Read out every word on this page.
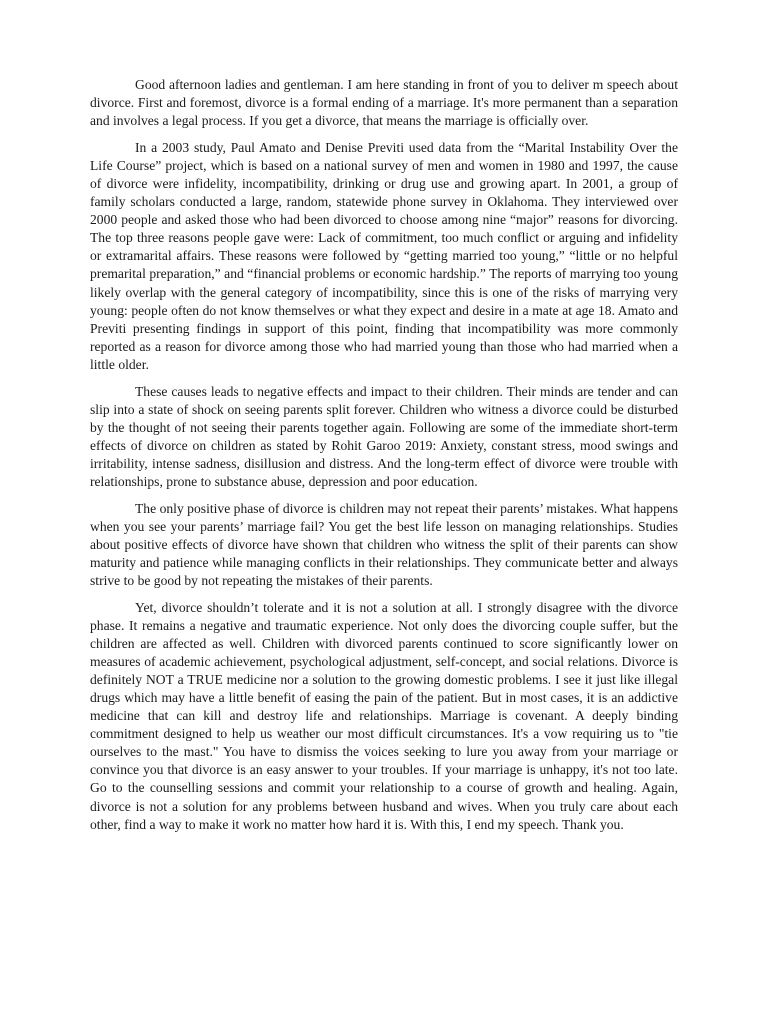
Good afternoon ladies and gentleman. I am here standing in front of you to deliver m speech about divorce. First and foremost, divorce is a formal ending of a marriage. It's more permanent than a separation and involves a legal process. If you get a divorce, that means the marriage is officially over.

In a 2003 study, Paul Amato and Denise Previti used data from the “Marital Instability Over the Life Course” project, which is based on a national survey of men and women in 1980 and 1997, the cause of divorce were infidelity, incompatibility, drinking or drug use and growing apart. In 2001, a group of family scholars conducted a large, random, statewide phone survey in Oklahoma. They interviewed over 2000 people and asked those who had been divorced to choose among nine “major” reasons for divorcing. The top three reasons people gave were: Lack of commitment, too much conflict or arguing and infidelity or extramarital affairs. These reasons were followed by “getting married too young,” “little or no helpful premarital preparation,” and “financial problems or economic hardship.” The reports of marrying too young likely overlap with the general category of incompatibility, since this is one of the risks of marrying very young: people often do not know themselves or what they expect and desire in a mate at age 18. Amato and Previti presenting findings in support of this point, finding that incompatibility was more commonly reported as a reason for divorce among those who had married young than those who had married when a little older.

These causes leads to negative effects and impact to their children. Their minds are tender and can slip into a state of shock on seeing parents split forever. Children who witness a divorce could be disturbed by the thought of not seeing their parents together again. Following are some of the immediate short-term effects of divorce on children as stated by Rohit Garoo 2019: Anxiety, constant stress, mood swings and irritability, intense sadness, disillusion and distress. And the long-term effect of divorce were trouble with relationships, prone to substance abuse, depression and poor education.

The only positive phase of divorce is children may not repeat their parents’ mistakes. What happens when you see your parents’ marriage fail? You get the best life lesson on managing relationships. Studies about positive effects of divorce have shown that children who witness the split of their parents can show maturity and patience while managing conflicts in their relationships. They communicate better and always strive to be good by not repeating the mistakes of their parents.

Yet, divorce shouldn’t tolerate and it is not a solution at all. I strongly disagree with the divorce phase. It remains a negative and traumatic experience. Not only does the divorcing couple suffer, but the children are affected as well. Children with divorced parents continued to score significantly lower on measures of academic achievement, psychological adjustment, self-concept, and social relations. Divorce is definitely NOT a TRUE medicine nor a solution to the growing domestic problems. I see it just like illegal drugs which may have a little benefit of easing the pain of the patient. But in most cases, it is an addictive medicine that can kill and destroy life and relationships. Marriage is covenant. A deeply binding commitment designed to help us weather our most difficult circumstances. It's a vow requiring us to "tie ourselves to the mast." You have to dismiss the voices seeking to lure you away from your marriage or convince you that divorce is an easy answer to your troubles. If your marriage is unhappy, it's not too late. Go to the counselling sessions and commit your relationship to a course of growth and healing. Again, divorce is not a solution for any problems between husband and wives. When you truly care about each other, find a way to make it work no matter how hard it is. With this, I end my speech. Thank you.
